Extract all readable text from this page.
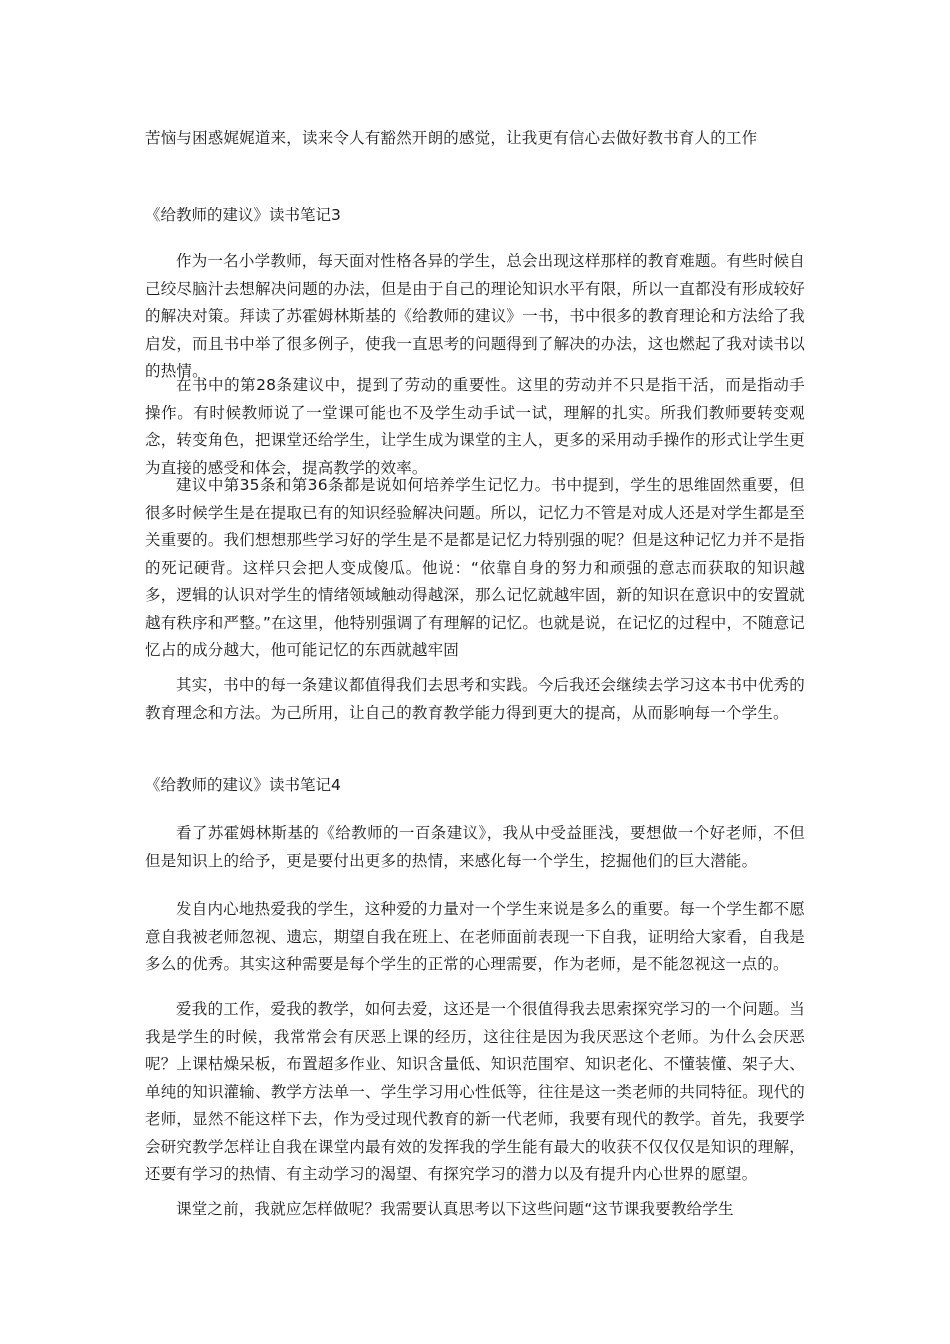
苦恼与困惑娓娓道来，读来令人有豁然开朗的感觉，让我更有信心去做好教书育人的工作

《给教师的建议》读书笔记3

作为一名小学教师，每天面对性格各异的学生，总会出现这样那样的教育难题。有些时候自己绞尽脑汁去想解决问题的办法，但是由于自己的理论知识水平有限，所以一直都没有形成较好的解决对策。拜读了苏霍姆林斯基的《给教师的建议》一书，书中很多的教育理论和方法给了我启发，而且书中举了很多例子，使我一直思考的问题得到了解决的办法，这也燃起了我对读书以的热情。

在书中的第28条建议中，提到了劳动的重要性。这里的劳动并不只是指干活，而是指动手操作。有时候教师说了一堂课可能也不及学生动手试一试，理解的扎实。所我们教师要转变观念，转变角色，把课堂还给学生，让学生成为课堂的主人，更多的采用动手操作的形式让学生更为直接的感受和体会，提高教学的效率。

建议中第35条和第36条都是说如何培养学生记忆力。书中提到，学生的思维固然重要，但很多时候学生是在提取已有的知识经验解决问题。所以，记忆力不管是对成人还是对学生都是至关重要的。我们想想那些学习好的学生是不是都是记忆力特别强的呢？但是这种记忆力并不是指的死记硬背。这样只会把人变成傻瓜。他说：“依靠自身的努力和顽强的意志而获取的知识越多，逻辑的认识对学生的情绪领域触动得越深，那么记忆就越牢固，新的知识在意识中的安置就越有秩序和严整。”在这里，他特别强调了有理解的记忆。也就是说，在记忆的过程中，不随意记忆占的成分越大，他可能记忆的东西就越牢固

其实，书中的每一条建议都值得我们去思考和实践。今后我还会继续去学习这本书中优秀的教育理念和方法。为己所用，让自己的教育教学能力得到更大的提高，从而影响每一个学生。

《给教师的建议》读书笔记4

看了苏霍姆林斯基的《给教师的一百条建议》，我从中受益匪浅，要想做一个好老师，不但但是知识上的给予，更是要付出更多的热情，来感化每一个学生，挖掘他们的巨大潜能。

发自内心地热爱我的学生，这种爱的力量对一个学生来说是多么的重要。每一个学生都不愿意自我被老师忽视、遗忘，期望自我在班上、在老师面前表现一下自我，证明给大家看，自我是多么的优秀。其实这种需要是每个学生的正常的心理需要，作为老师，是不能忽视这一点的。

爱我的工作，爱我的教学，如何去爱，这还是一个很值得我去思索探究学习的一个问题。当我是学生的时候，我常常会有厌恶上课的经历，这往往是因为我厌恶这个老师。为什么会厌恶呢？上课枯燥呆板，布置超多作业、知识含量低、知识范围窄、知识老化、不懂装懂、架子大、单纯的知识灌输、教学方法单一、学生学习用心性低等，往往是这一类老师的共同特征。现代的老师，显然不能这样下去，作为受过现代教育的新一代老师，我要有现代的教学。首先，我要学会研究教学怎样让自我在课堂内最有效的发挥我的学生能有最大的收获不仅仅仅是知识的理解，还要有学习的热情、有主动学习的渴望、有探究学习的潜力以及有提升内心世界的愿望。

课堂之前，我就应怎样做呢？我需要认真思考以下这些问题“这节课我要教给学生
